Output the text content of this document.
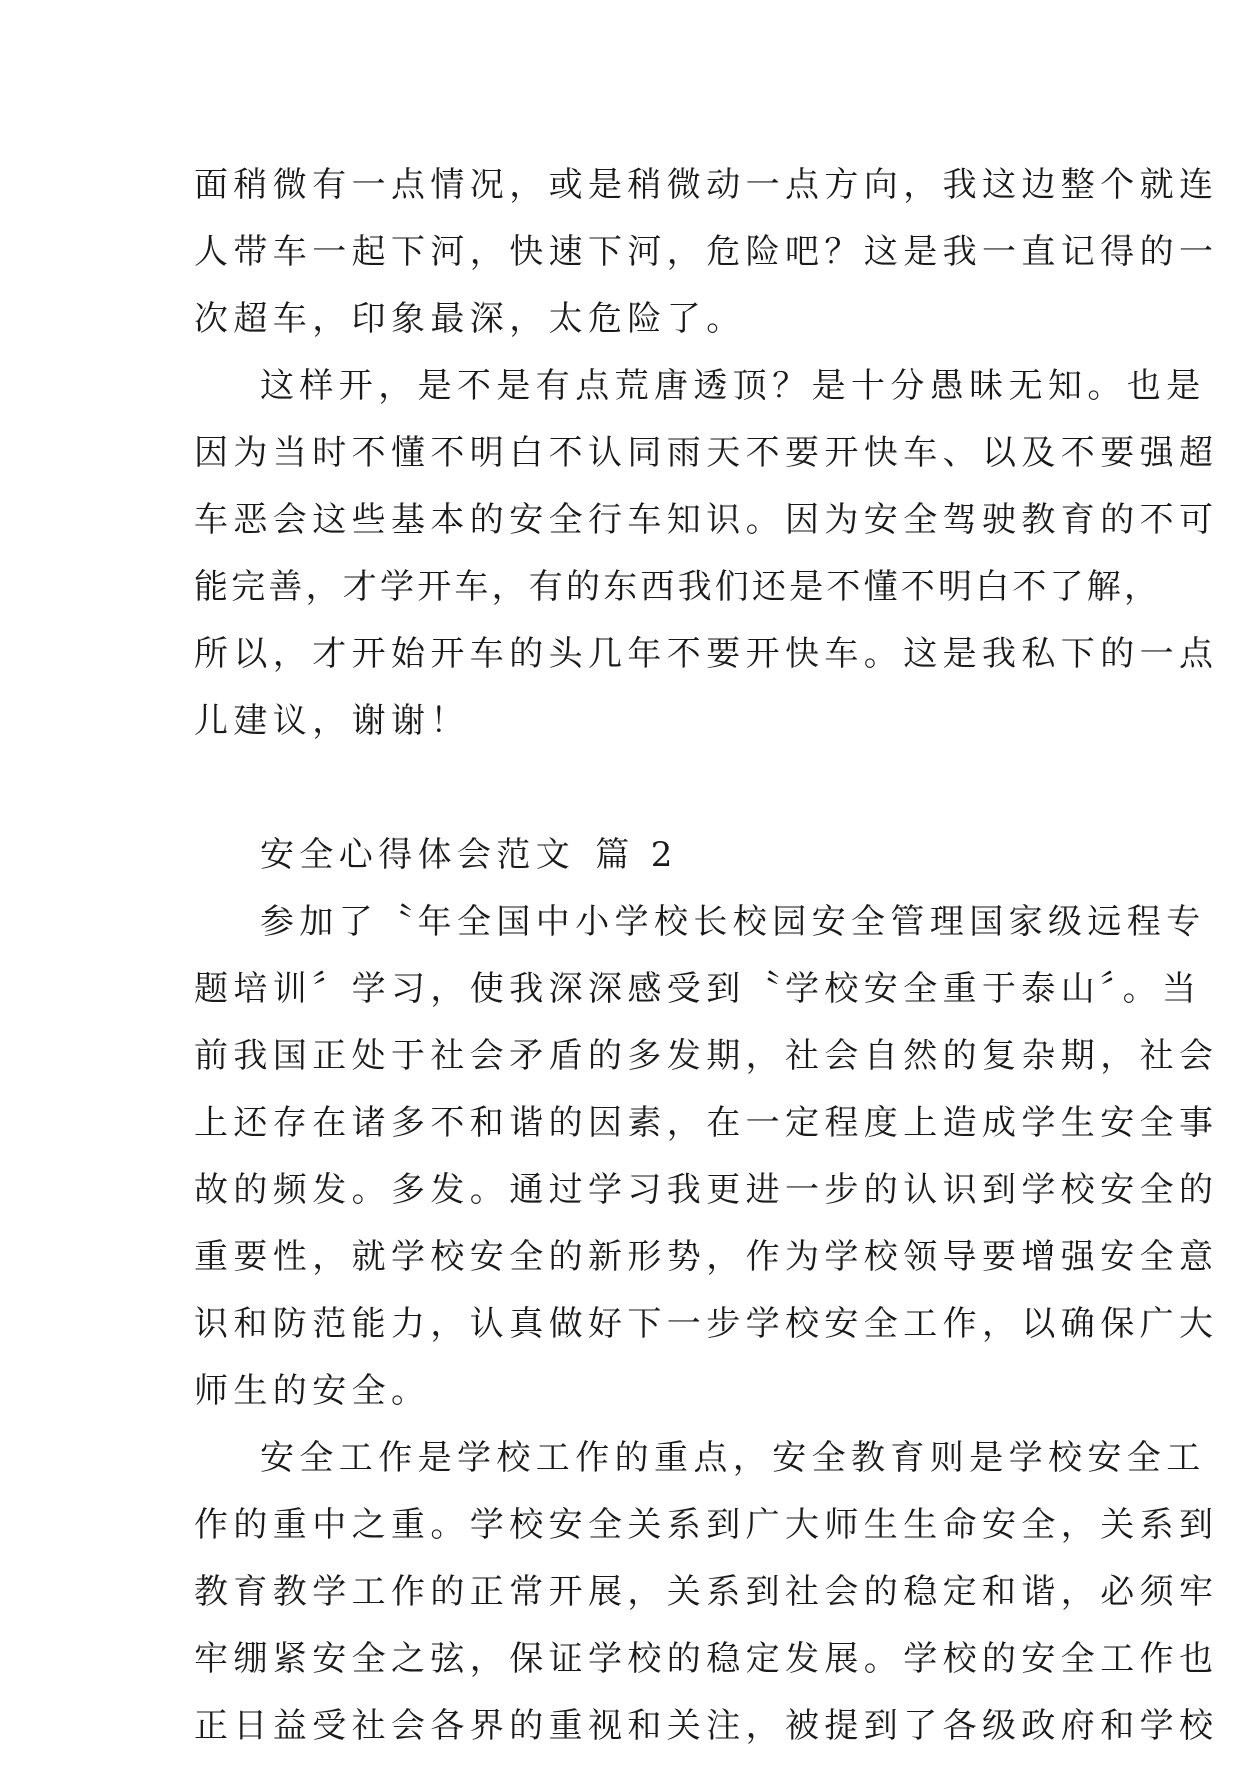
面稍微有一点情况，或是稍微动一点方向，我这边整个就连
人带车一起下河，快速下河，危险吧？这是我一直记得的一
次超车，印象最深，太危险了。
这样开，是不是有点荒唐透顶？是十分愚昧无知。也是
因为当时不懂不明白不认同雨天不要开快车、以及不要强超
车恶会这些基本的安全行车知识。因为安全驾驶教育的不可
能完善，才学开车，有的东西我们还是不懂不明白不了解，
所以，才开始开车的头几年不要开快车。这是我私下的一点
儿建议，谢谢！
安全心得体会范文 篇 2
参加了〝年全国中小学校长校园安全管理国家级远程专
题培训〞学习，使我深深感受到〝学校安全重于泰山〞。当
前我国正处于社会矛盾的多发期，社会自然的复杂期，社会
上还存在诸多不和谐的因素，在一定程度上造成学生安全事
故的频发。多发。通过学习我更进一步的认识到学校安全的
重要性，就学校安全的新形势，作为学校领导要增强安全意
识和防范能力，认真做好下一步学校安全工作，以确保广大
师生的安全。
安全工作是学校工作的重点，安全教育则是学校安全工
作的重中之重。学校安全关系到广大师生生命安全，关系到
教育教学工作的正常开展，关系到社会的稳定和谐，必须牢
牢绷紧安全之弦，保证学校的稳定发展。学校的安全工作也
正日益受社会各界的重视和关注，被提到了各级政府和学校
